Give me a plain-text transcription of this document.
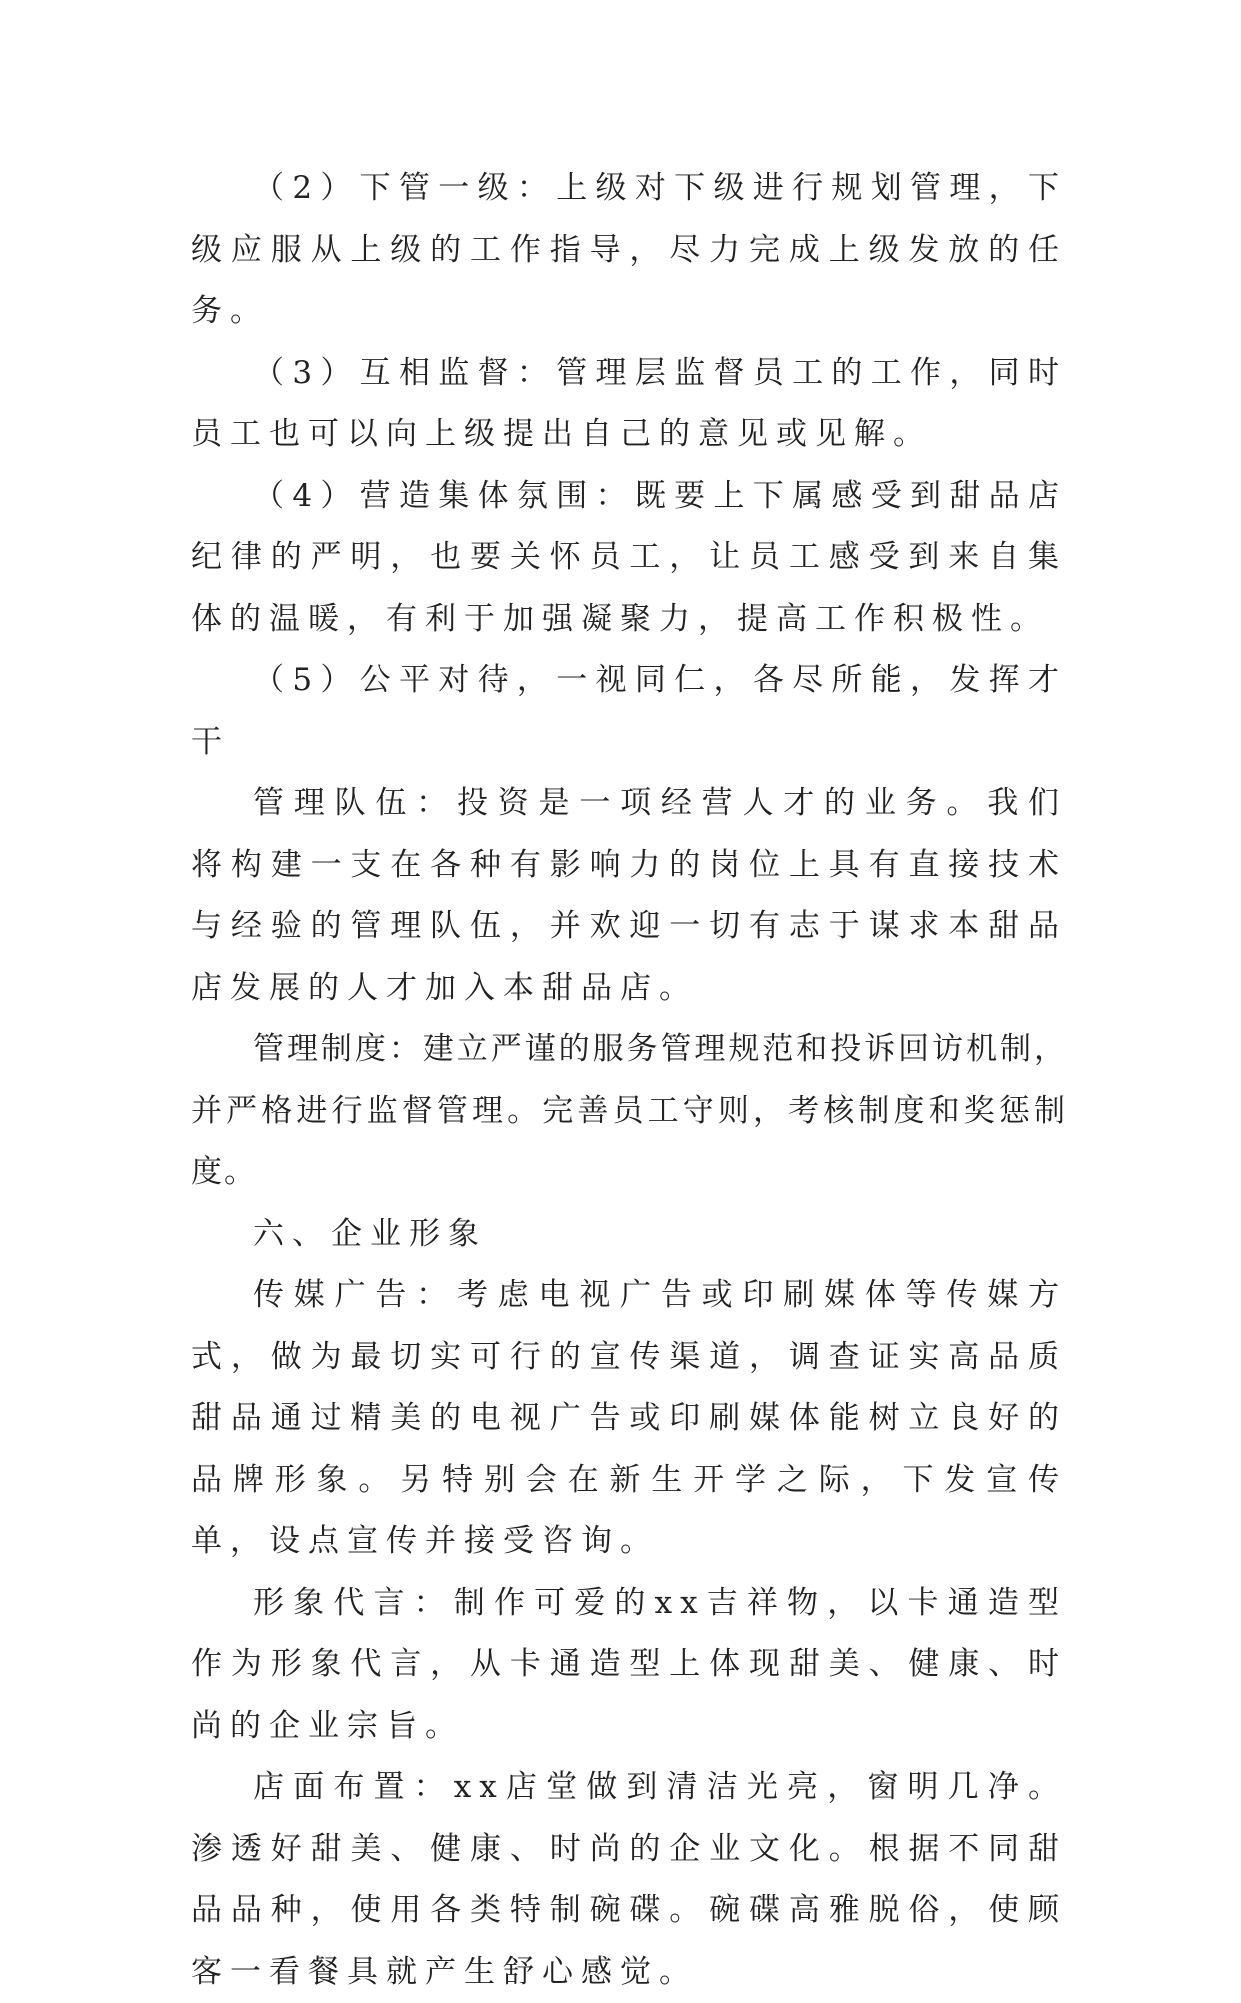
（2）下管一级：上级对下级进行规划管理，下级应服从上级的工作指导，尽力完成上级发放的任务。

（3）互相监督：管理层监督员工的工作，同时员工也可以向上级提出自己的意见或见解。

（4）营造集体氛围：既要上下属感受到甜品店纪律的严明，也要关怀员工，让员工感受到来自集体的温暖，有利于加强凝聚力，提高工作积极性。

（5）公平对待，一视同仁，各尽所能，发挥才干

管理队伍：投资是一项经营人才的业务。我们将构建一支在各种有影响力的岗位上具有直接技术与经验的管理队伍，并欢迎一切有志于谋求本甜品店发展的人才加入本甜品店。

管理制度：建立严谨的服务管理规范和投诉回访机制，并严格进行监督管理。完善员工守则，考核制度和奖惩制度。

六、企业形象

传媒广告：考虑电视广告或印刷媒体等传媒方式，做为最切实可行的宣传渠道，调查证实高品质甜品通过精美的电视广告或印刷媒体能树立良好的品牌形象。另特别会在新生开学之际，下发宣传单，设点宣传并接受咨询。

形象代言：制作可爱的xx吉祥物，以卡通造型作为形象代言，从卡通造型上体现甜美、健康、时尚的企业宗旨。

店面布置：xx店堂做到清洁光亮，窗明几净。渗透好甜美、健康、时尚的企业文化。根据不同甜品品种，使用各类特制碗碟。碗碟高雅脱俗，使顾客一看餐具就产生舒心感觉。
